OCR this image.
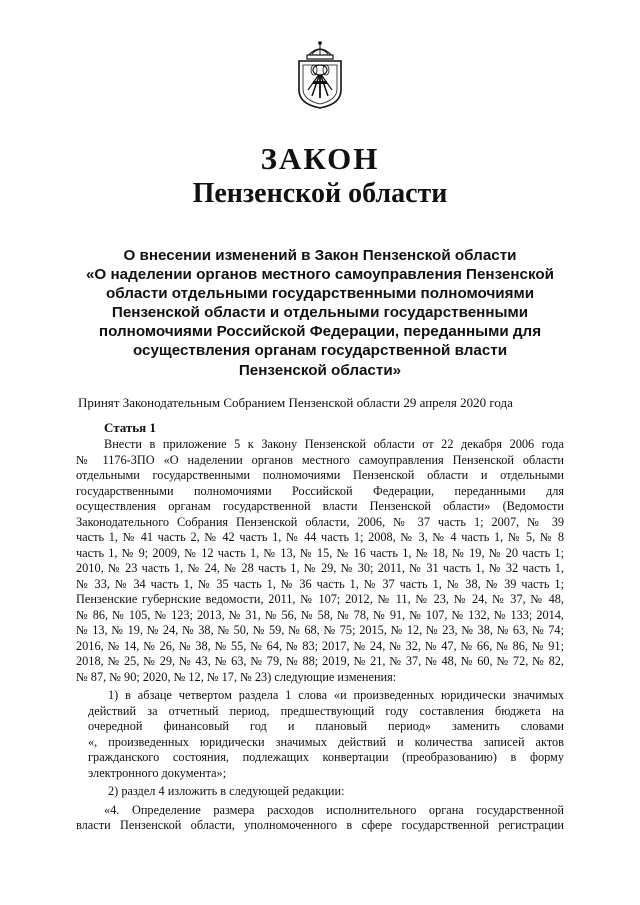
ЗАКОН
Пензенской области
О внесении изменений в Закон Пензенской области
«О наделении органов местного самоуправления Пензенской
области отдельными государственными полномочиями
Пензенской области и отдельными государственными
полномочиями Российской Федерации, переданными для
осуществления органам государственной власти
Пензенской области»
Принят Законодательным Собранием Пензенской области 29 апреля 2020 года
Статья 1
Внести в приложение 5 к Закону Пензенской области от 22 декабря 2006 года
№ 1176-ЗПО «О наделении органов местного самоуправления Пензенской области
отдельными государственными полномочиями Пензенской области и отдельными
государственными полномочиями Российской Федерации, переданными для
осуществления органам государственной власти Пензенской области» (Ведомости
Законодательного Собрания Пензенской области, 2006, № 37 часть 1; 2007, № 39
часть 1, № 41 часть 2, № 42 часть 1, № 44 часть 1; 2008, № 3, № 4 часть 1, № 5, № 8
часть 1, № 9; 2009, № 12 часть 1, № 13, № 15, № 16 часть 1, № 18, № 19, № 20 часть 1;
2010, № 23 часть 1, № 24, № 28 часть 1, № 29, № 30; 2011, № 31 часть 1, № 32 часть 1,
№ 33, № 34 часть 1, № 35 часть 1, № 36 часть 1, № 37 часть 1, № 38, № 39 часть 1;
Пензенские губернские ведомости, 2011, № 107; 2012, № 11, № 23, № 24, № 37, № 48,
№ 86, № 105, № 123; 2013, № 31, № 56, № 58, № 78, № 91, № 107, № 132, № 133; 2014,
№ 13, № 19, № 24, № 38, № 50, № 59, № 68, № 75; 2015, № 12, № 23, № 38, № 63, № 74;
2016, № 14, № 26, № 38, № 55, № 64, № 83; 2017, № 24, № 32, № 47, № 66, № 86, № 91;
2018, № 25, № 29, № 43, № 63, № 79, № 88; 2019, № 21, № 37, № 48, № 60, № 72, № 82,
№ 87, № 90; 2020, № 12, № 17, № 23) следующие изменения:
1) в абзаце четвертом раздела 1 слова «и произведенных юридически значимых
действий за отчетный период, предшествующий году составления бюджета на
очередной финансовый год и плановый период» заменить словами
«, произведенных юридически значимых действий и количества записей актов
гражданского состояния, подлежащих конвертации (преобразованию) в форму
электронного документа»;
2) раздел 4 изложить в следующей редакции:
«4. Определение размера расходов исполнительного органа государственной
власти Пензенской области, уполномоченного в сфере государственной регистрации
